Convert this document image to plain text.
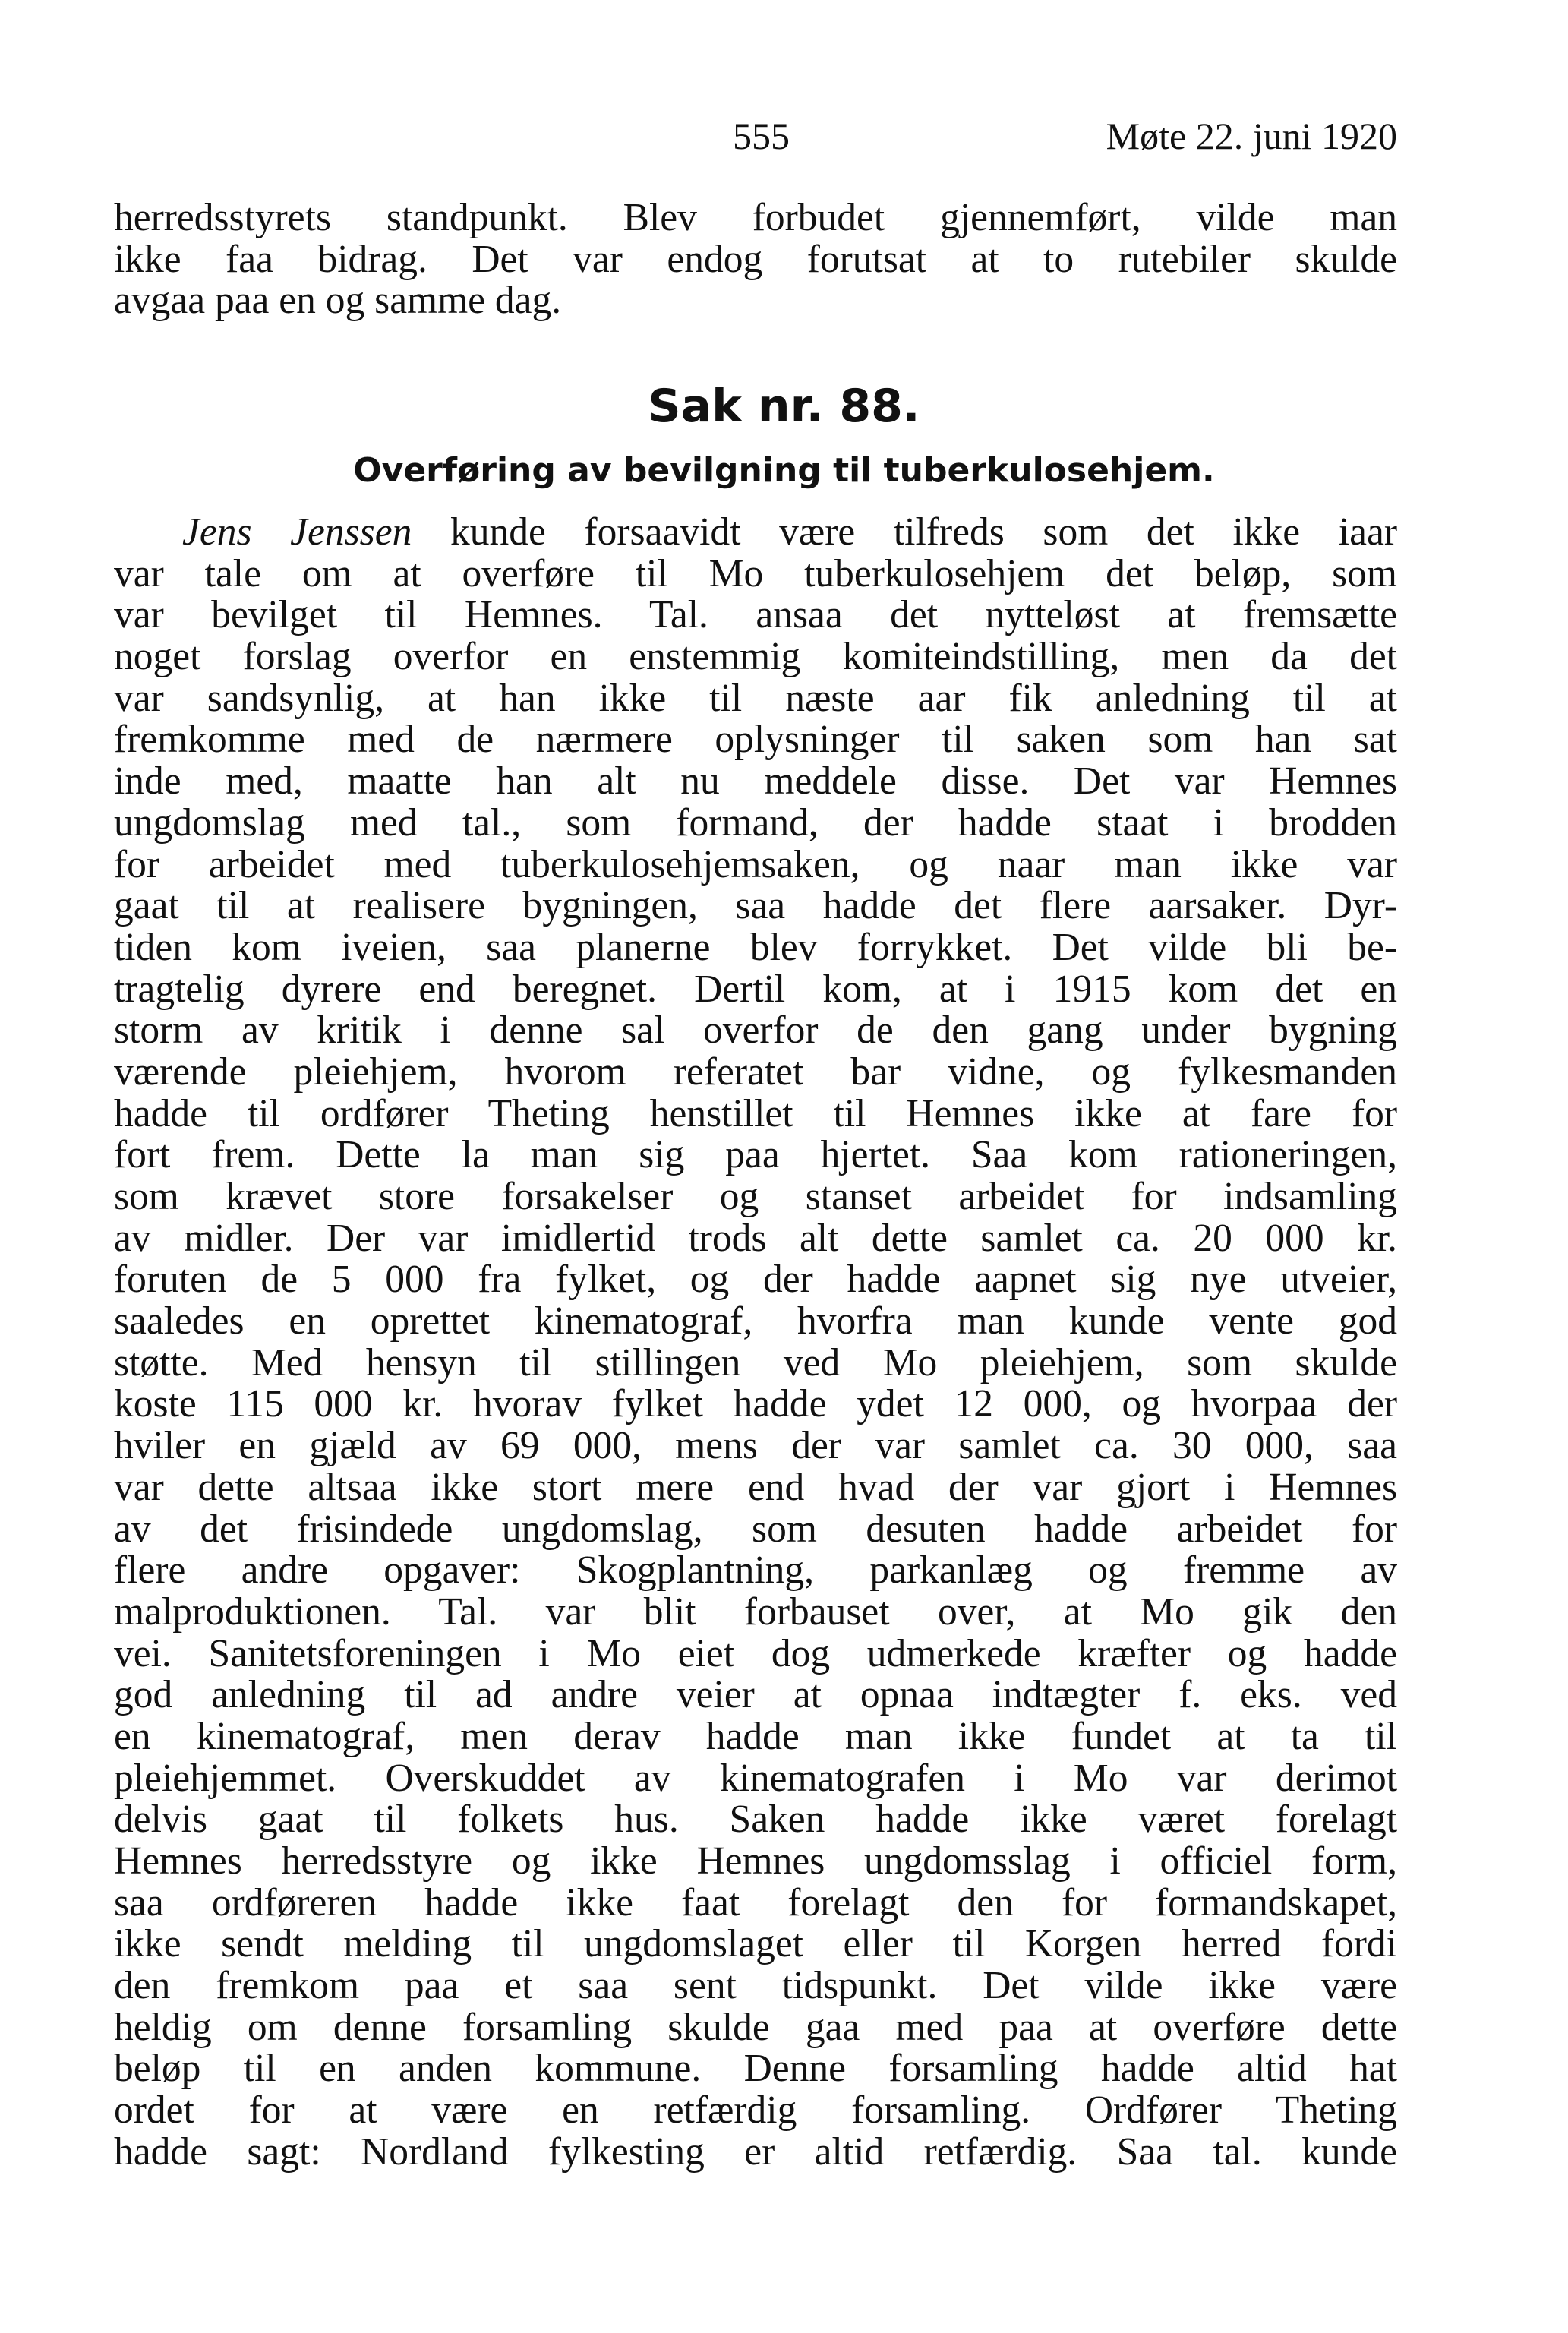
555	Møte 22. juni 1920
herredsstyrets standpunkt. Blev forbudet gjennemført, vilde man
ikke faa bidrag. Det var endog forutsat at to rutebiler skulde
avgaa paa en og samme dag.
Sak nr. 88.
Overføring av bevilgning til tuberkulosehjem.
Jens Jenssen kunde forsaavidt være tilfreds som det ikke iaar
var tale om at overføre til Mo tuberkulosehjem det beløp, som
var bevilget til Hemnes. Tal. ansaa det nytteløst at fremsætte
noget forslag overfor en enstemmig komiteindstilling, men da det
var sandsynlig, at han ikke til næste aar fik anledning til at
fremkomme med de nærmere oplysninger til saken som han sat
inde med, maatte han alt nu meddele disse. Det var Hemnes
ungdomslag med tal., som formand, der hadde staat i brodden
for arbeidet med tuberkulosehjemsaken, og naar man ikke var
gaat til at realisere bygningen, saa hadde det flere aarsaker. Dyr-
tiden kom iveien, saa planerne blev forrykket. Det vilde bli be-
tragtelig dyrere end beregnet. Dertil kom, at i 1915 kom det en
storm av kritik i denne sal overfor de den gang under bygning
værende pleiehjem, hvorom referatet bar vidne, og fylkesmanden
hadde til ordfører Theting henstillet til Hemnes ikke at fare for
fort frem. Dette la man sig paa hjertet. Saa kom rationeringen,
som krævet store forsakelser og stanset arbeidet for indsamling
av midler. Der var imidlertid trods alt dette samlet ca. 20 000 kr.
foruten de 5 000 fra fylket, og der hadde aapnet sig nye utveier,
saaledes en oprettet kinematograf, hvorfra man kunde vente god
støtte. Med hensyn til stillingen ved Mo pleiehjem, som skulde
koste 115 000 kr. hvorav fylket hadde ydet 12 000, og hvorpaa der
hviler en gjæld av 69 000, mens der var samlet ca. 30 000, saa
var dette altsaa ikke stort mere end hvad der var gjort i Hemnes
av det frisindede ungdomslag, som desuten hadde arbeidet for
flere andre opgaver: Skogplantning, parkanlæg og fremme av
malproduktionen. Tal. var blit forbauset over, at Mo gik den
vei. Sanitetsforeningen i Mo eiet dog udmerkede kræfter og hadde
god anledning til ad andre veier at opnaa indtægter f. eks. ved
en kinematograf, men derav hadde man ikke fundet at ta til
pleiehjemmet. Overskuddet av kinematografen i Mo var derimot
delvis gaat til folkets hus. Saken hadde ikke været forelagt
Hemnes herredsstyre og ikke Hemnes ungdomsslag i officiel form,
saa ordføreren hadde ikke faat forelagt den for formandskapet,
ikke sendt melding til ungdomslaget eller til Korgen herred fordi
den fremkom paa et saa sent tidspunkt. Det vilde ikke være
heldig om denne forsamling skulde gaa med paa at overføre dette
beløp til en anden kommune. Denne forsamling hadde altid hat
ordet for at være en retfærdig forsamling. Ordfører Theting
hadde sagt: Nordland fylkesting er altid retfærdig. Saa tal. kunde
